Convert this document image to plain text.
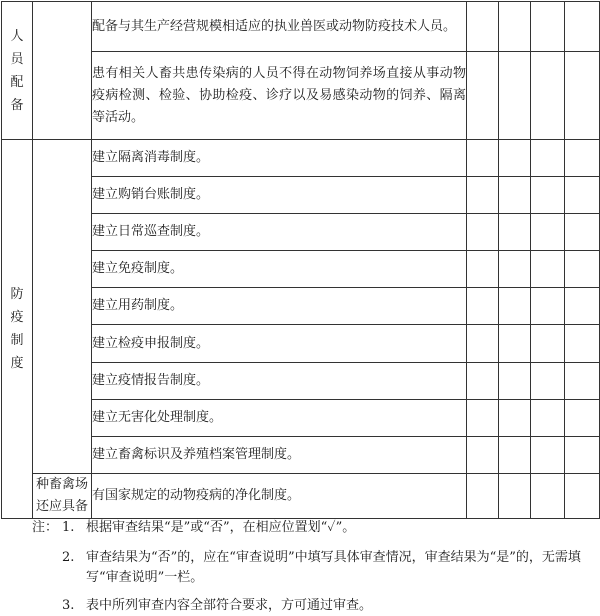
人员配备		配备与其生产经营规模相适应的执业兽医或动物防疫技术人员。				
		患有相关人畜共患传染病的人员不得在动物饲养场直接从事动物疫病检测、检验、协助检疫、诊疗以及易感染动物的饲养、隔离等活动。				
防疫制度		建立隔离消毒制度。				
		建立购销台账制度。				
		建立日常巡查制度。				
		建立免疫制度。				
		建立用药制度。				
		建立检疫申报制度。				
		建立疫情报告制度。				
		建立无害化处理制度。				
		建立畜禽标识及养殖档案管理制度。				
	种畜禽场还应具备	有国家规定的动物疫病的净化制度。				
注： 1. 根据审查结果“是”或“否”，在相应位置划“✓”。
2. 审查结果为“否”的，应在“审查说明”中填写具体审查情况，审查结果为“是”的，无需填写“审查说明”一栏。
3. 表中所列审查内容全部符合要求，方可通过审查。
